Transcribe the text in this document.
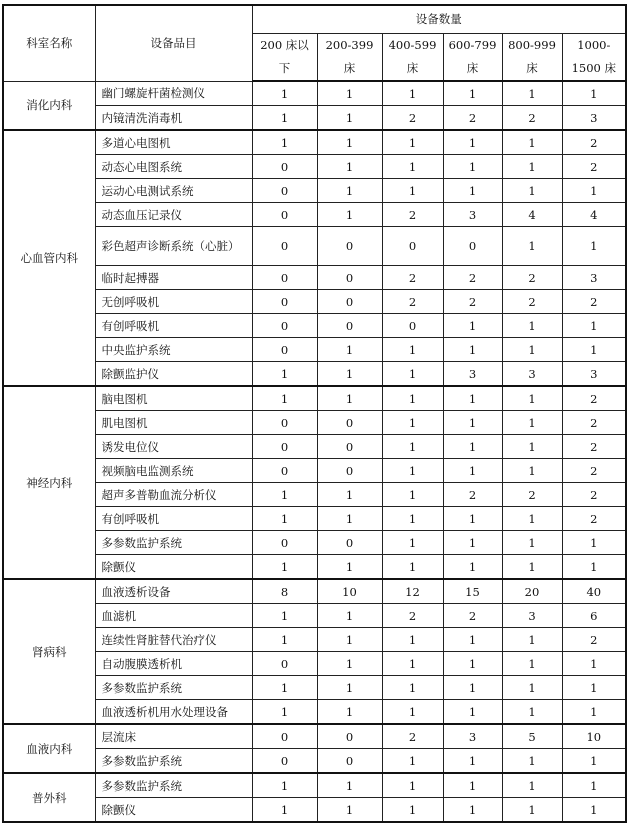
科室名称	设备品目	设备数量					
		200 床以下	200-399 床	400-599 床	600-799 床	800-999 床	1000-1500 床
消化内科	幽门螺旋杆菌检测仪	1	1	1	1	1	1
	内镜清洗消毒机	1	1	2	2	2	3
心血管内科	多道心电图机	1	1	1	1	1	2
	动态心电图系统	0	1	1	1	1	2
	运动心电测试系统	0	1	1	1	1	1
	动态血压记录仪	0	1	2	3	4	4
	彩色超声诊断系统（心脏）	0	0	0	0	1	1
	临时起搏器	0	0	2	2	2	3
	无创呼吸机	0	0	2	2	2	2
	有创呼吸机	0	0	0	1	1	1
	中央监护系统	0	1	1	1	1	1
	除颤监护仪	1	1	1	3	3	3
神经内科	脑电图机	1	1	1	1	1	2
	肌电图机	0	0	1	1	1	2
	诱发电位仪	0	0	1	1	1	2
	视频脑电监测系统	0	0	1	1	1	2
	超声多普勒血流分析仪	1	1	1	2	2	2
	有创呼吸机	1	1	1	1	1	2
	多参数监护系统	0	0	1	1	1	1
	除颤仪	1	1	1	1	1	1
肾病科	血液透析设备	8	10	12	15	20	40
	血滤机	1	1	2	2	3	6
	连续性肾脏替代治疗仪	1	1	1	1	1	2
	自动腹膜透析机	0	1	1	1	1	1
	多参数监护系统	1	1	1	1	1	1
	血液透析机用水处理设备	1	1	1	1	1	1
血液内科	层流床	0	0	2	3	5	10
	多参数监护系统	0	0	1	1	1	1
普外科	多参数监护系统	1	1	1	1	1	1
	除颤仪	1	1	1	1	1	1
